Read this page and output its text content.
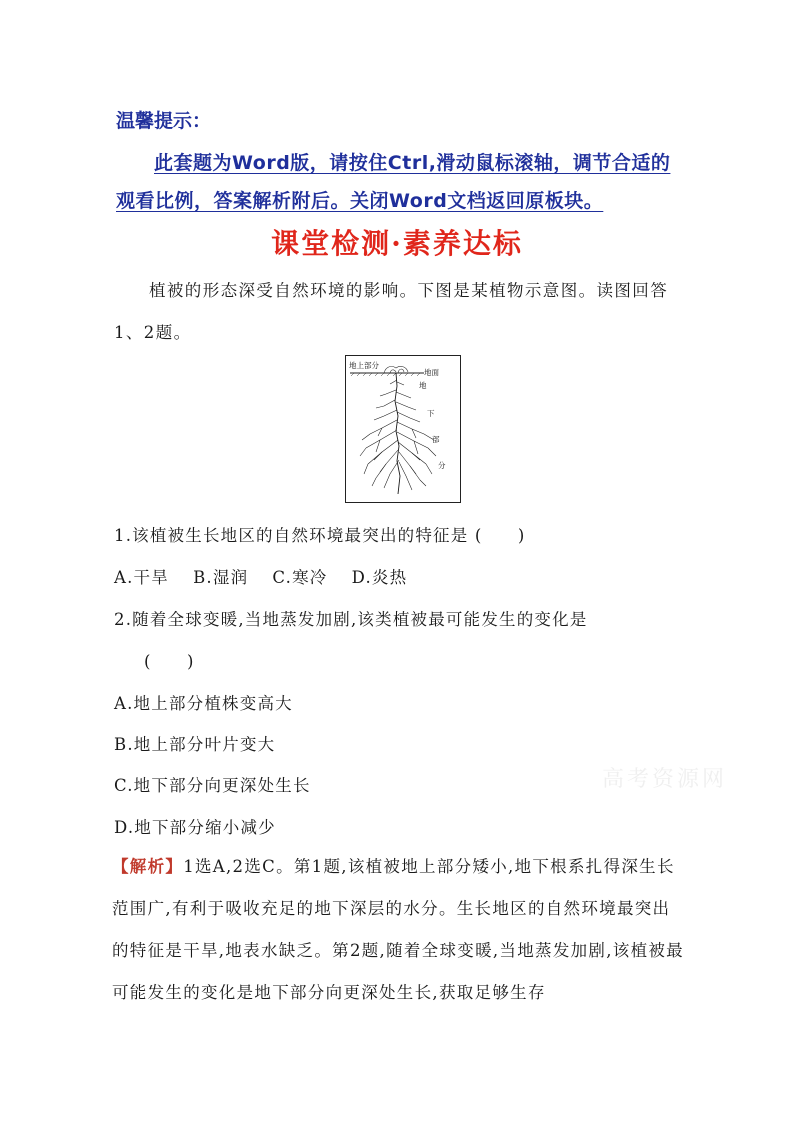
温馨提示：

此套题为Word版，请按住Ctrl,滑动鼠标滚轴，调节合适的观看比例，答案解析附后。关闭Word文档返回原板块。

课堂检测·素养达标

植被的形态深受自然环境的影响。下图是某植物示意图。读图回答1、2题。

地上部分
地面
地
下
部
分

1.该植被生长地区的自然环境最突出的特征是 (　　)

A.干旱　 B.湿润　 C.寒冷　 D.炎热

2.随着全球变暖,当地蒸发加剧,该类植被最可能发生的变化是

(　　)

A.地上部分植株变高大

B.地上部分叶片变大

C.地下部分向更深处生长

D.地下部分缩小减少

高考资源网

【解析】1选A,2选C。第1题,该植被地上部分矮小,地下根系扎得深生长范围广,有利于吸收充足的地下深层的水分。生长地区的自然环境最突出的特征是干旱,地表水缺乏。第2题,随着全球变暖,当地蒸发加剧,该植被最可能发生的变化是地下部分向更深处生长,获取足够生存
